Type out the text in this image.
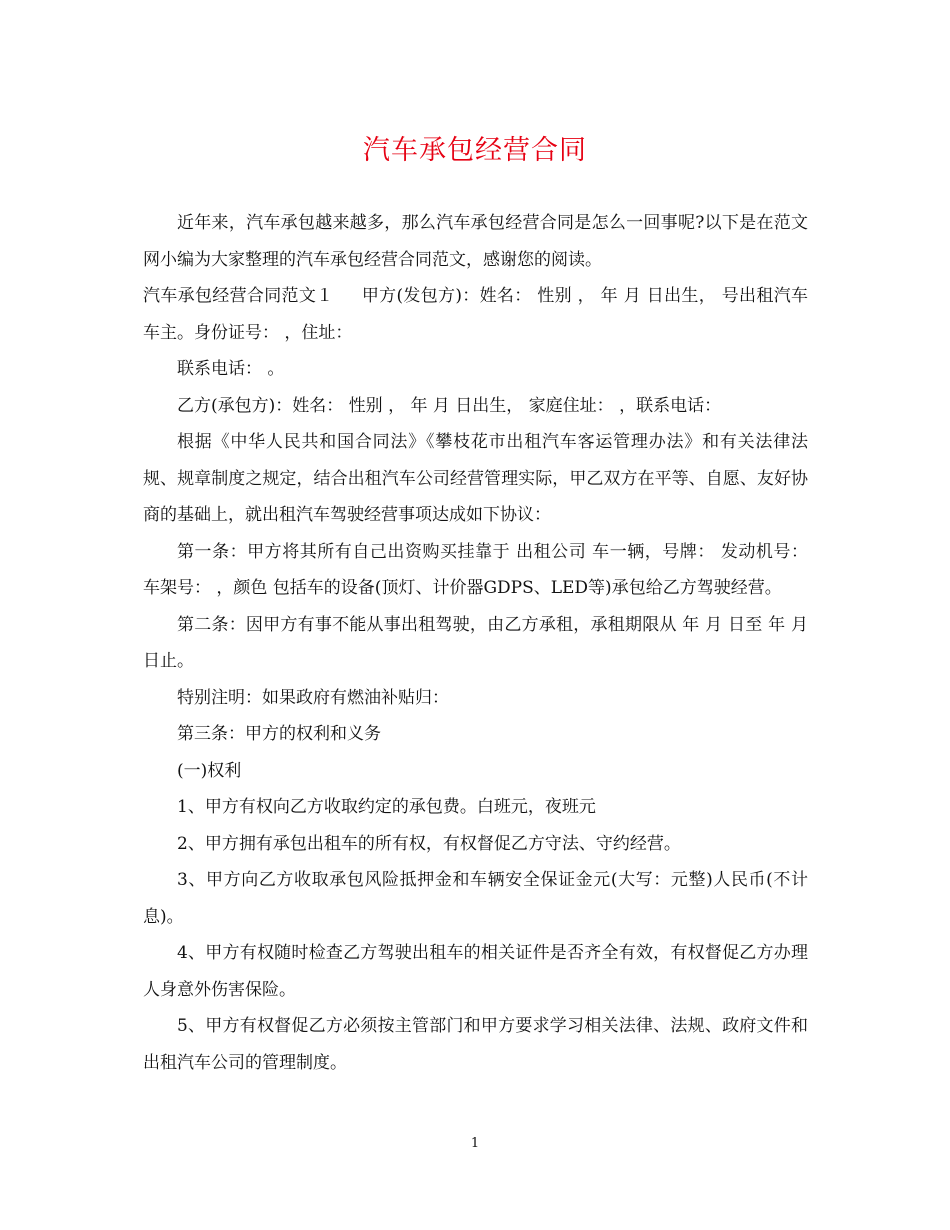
汽车承包经营合同

近年来，汽车承包越来越多，那么汽车承包经营合同是怎么一回事呢?以下是在范文网小编为大家整理的汽车承包经营合同范文，感谢您的阅读。

汽车承包经营合同范文１ 甲方(发包方)：姓名： 性别 ， 年 月 日出生， 号出租汽车车主。身份证号： ，住址：

联系电话： 。

乙方(承包方)：姓名： 性别 ， 年 月 日出生， 家庭住址： ，联系电话：

根据《中华人民共和国合同法》《攀枝花市出租汽车客运管理办法》和有关法律法规、规章制度之规定，结合出租汽车公司经营管理实际，甲乙双方在平等、自愿、友好协商的基础上，就出租汽车驾驶经营事项达成如下协议：

第一条：甲方将其所有自己出资购买挂靠于 出租公司 车一辆，号牌： 发动机号： 车架号： ，颜色 包括车的设备(顶灯、计价器GDPS、LED等)承包给乙方驾驶经营。

第二条：因甲方有事不能从事出租驾驶，由乙方承租，承租期限从 年 月 日至 年 月 日止。

特别注明：如果政府有燃油补贴归：

第三条：甲方的权利和义务

(一)权利

1、甲方有权向乙方收取约定的承包费。白班元，夜班元

2、甲方拥有承包出租车的所有权，有权督促乙方守法、守约经营。

3、甲方向乙方收取承包风险抵押金和车辆安全保证金元(大写：元整)人民币(不计息)。

4、甲方有权随时检查乙方驾驶出租车的相关证件是否齐全有效，有权督促乙方办理人身意外伤害保险。

5、甲方有权督促乙方必须按主管部门和甲方要求学习相关法律、法规、政府文件和出租汽车公司的管理制度。

1
